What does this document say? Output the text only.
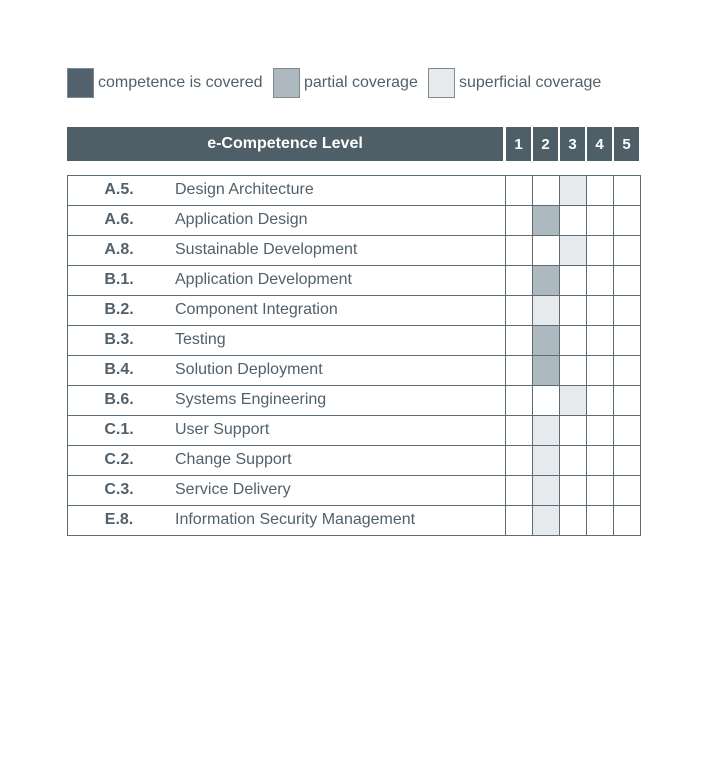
competence is covered	partial coverage	superficial coverage
e-Competence Level	1	2	3	4	5
A.5.	Design Architecture
A.6.	Application Design
A.8.	Sustainable Development
B.1.	Application Development
B.2.	Component Integration
B.3.	Testing
B.4.	Solution Deployment
B.6.	Systems Engineering
C.1.	User Support
C.2.	Change Support
C.3.	Service Delivery
E.8.	Information Security Management
